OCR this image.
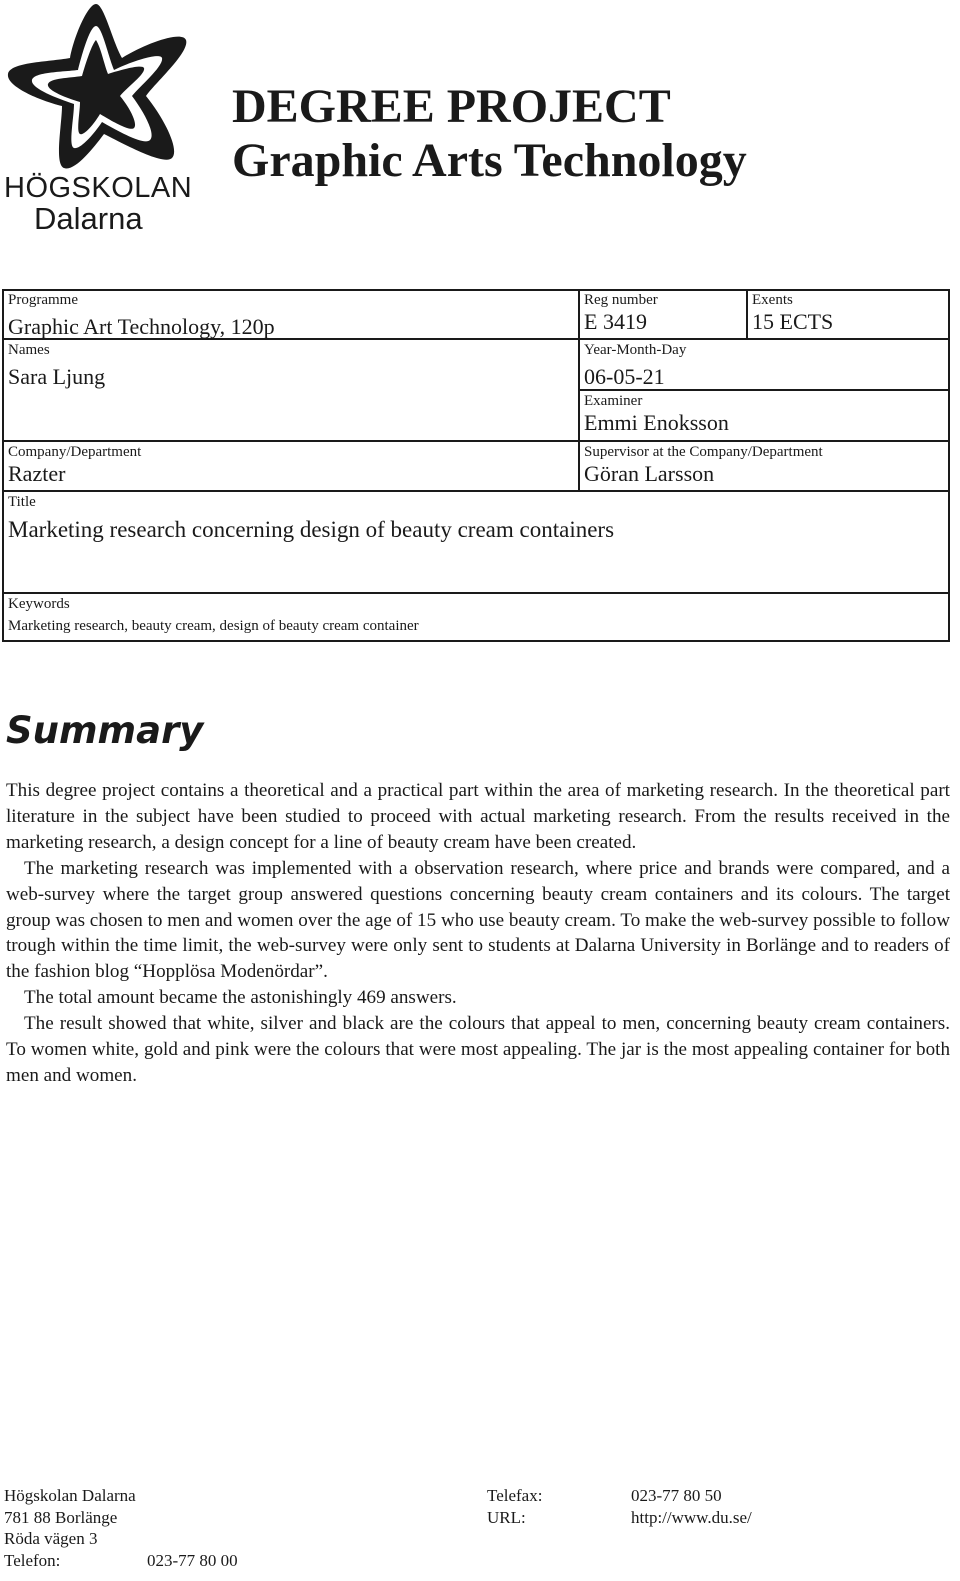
HÖGSKOLAN
Dalarna
DEGREE PROJECT
Graphic Arts Technology
Programme
Graphic Art Technology, 120p
Reg number
E 3419
Exents
15 ECTS
Names
Sara Ljung
Year-Month-Day
06-05-21
Examiner
Emmi Enoksson
Company/Department
Razter
Supervisor at the Company/Department
Göran Larsson
Title
Marketing research concerning design of beauty cream containers
Keywords
Marketing research, beauty cream, design of beauty cream container
Summary

This degree project contains a theoretical and a practical part within the area of marketing research. In the theoretical part literature in the subject have been studied to proceed with actual marketing research. From the results received in the marketing research, a design concept for a line of beauty cream have been created.

The marketing research was implemented with a observation research, where price and brands were compared, and a web-survey where the target group answered questions concerning beauty cream containers and its colours. The target group was chosen to men and women over the age of 15 who use beauty cream. To make the web-survey possible to follow trough within the time limit, the web-survey were only sent to students at Dalarna University in Borlänge and to readers of the fashion blog “Hopplösa Modenördar”.

The total amount became the astonishingly 469 answers.

The result showed that white, silver and black are the colours that appeal to men, concerning beauty cream containers. To women white, gold and pink were the colours that were most appealing. The jar is the most appealing container for both men and women.

Högskolan Dalarna
781 88 Borlänge
Röda vägen 3
Telefon:	023-77 80 00
Telefax:	023-77 80 50
URL:	http://www.du.se/
